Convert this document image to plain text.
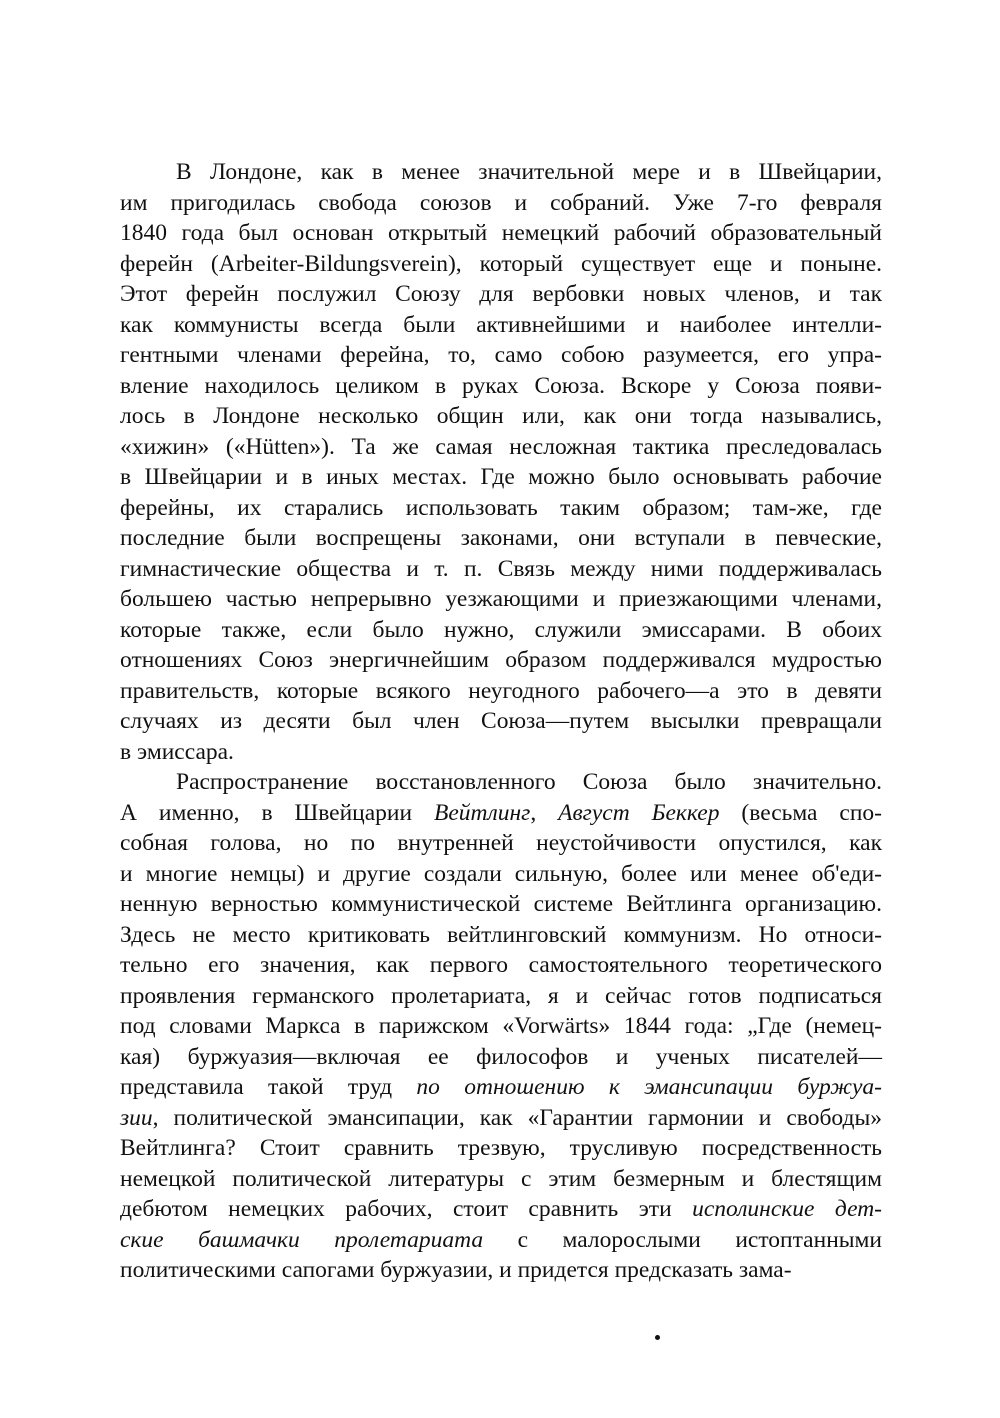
В Лондоне, как в менее значительной мере и в Швейцарии,
им пригодилась свобода союзов и собраний. Уже 7-го февраля
1840 года был основан открытый немецкий рабочий образовательный
ферейн (Arbeiter-Bildungsverein), который существует еще и поныне.
Этот ферейн послужил Союзу для вербовки новых членов, и так
как коммунисты всегда были активнейшими и наиболее интелли-
гентными членами ферейна, то, само собою разумеется, его упра-
вление находилось целиком в руках Союза. Вскоре у Союза появи-
лось в Лондоне несколько общин или, как они тогда назывались,
«хижин» («Hütten»). Та же самая несложная тактика преследовалась
в Швейцарии и в иных местах. Где можно было основывать рабочие
ферейны, их старались использовать таким образом; там-же, где
последние были воспрещены законами, они вступали в певческие,
гимнастические общества и т. п. Связь между ними поддерживалась
большею частью непрерывно уезжающими и приезжающими членами,
которые также, если было нужно, служили эмиссарами. В обоих
отношениях Союз энергичнейшим образом поддерживался мудростью
правительств, которые всякого неугодного рабочего—а это в девяти
случаях из десяти был член Союза—путем высылки превращали
в эмиссара.
Распространение восстановленного Союза было значительно.
А именно, в Швейцарии Вейтлинг, Август Беккер (весьма спо-
собная голова, но по внутренней неустойчивости опустился, как
и многие немцы) и другие создали сильную, более или менее об'еди-
ненную верностью коммунистической системе Вейтлинга организацию.
Здесь не место критиковать вейтлинговский коммунизм. Но относи-
тельно его значения, как первого самостоятельного теоретического
проявления германского пролетариата, я и сейчас готов подписаться
под словами Маркса в парижском «Vorwärts» 1844 года: „Где (немец-
кая) буржуазия—включая ее философов и ученых писателей—
представила такой труд по отношению к эмансипации буржуа-
зии, политической эмансипации, как «Гарантии гармонии и свободы»
Вейтлинга? Стоит сравнить трезвую, трусливую посредственность
немецкой политической литературы с этим безмерным и блестящим
дебютом немецких рабочих, стоит сравнить эти исполинские дет-
ские башмачки пролетариата с малорослыми истоптанными
политическими сапогами буржуазии, и придется предсказать зама-
